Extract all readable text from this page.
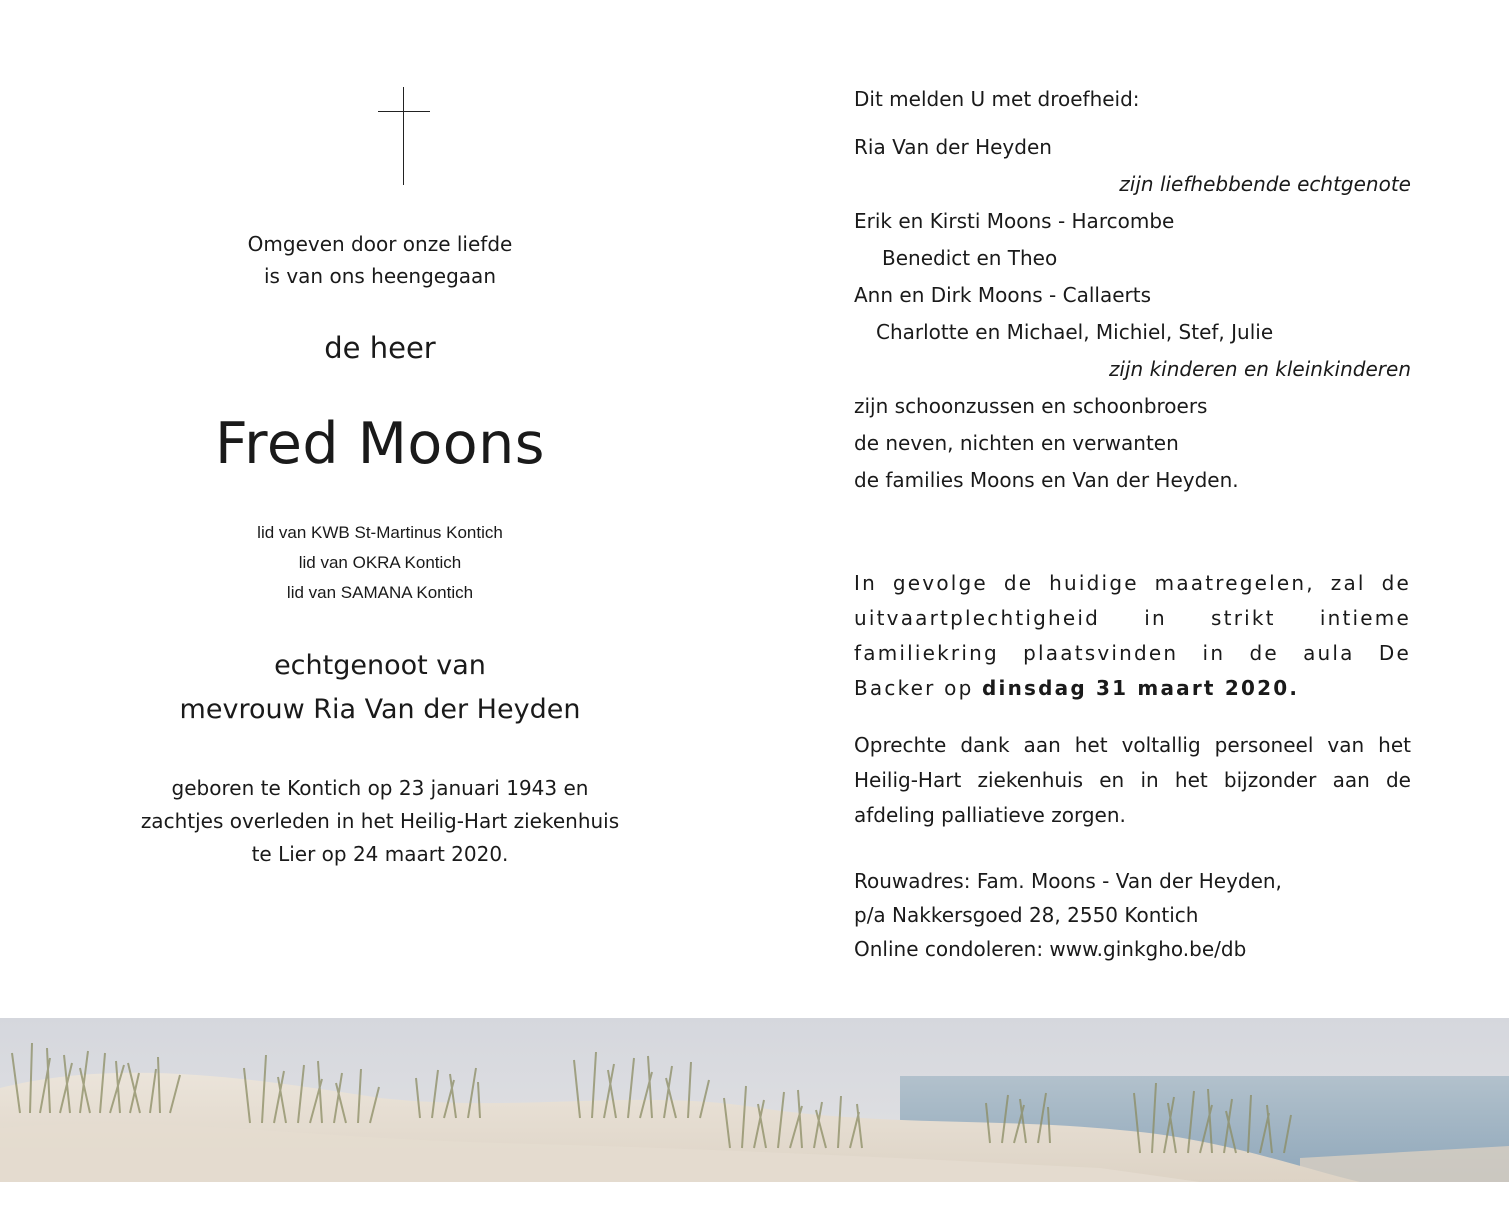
Omgeven door onze liefde
is van ons heengegaan
de heer
Fred Moons
lid van KWB St-Martinus Kontich
lid van OKRA Kontich
lid van SAMANA Kontich
echtgenoot van
mevrouw Ria Van der Heyden
geboren te Kontich op 23 januari 1943 en
zachtjes overleden in het Heilig-Hart ziekenhuis
te Lier op 24 maart 2020.
Dit melden U met droefheid:
Ria Van der Heyden
zijn liefhebbende echtgenote
Erik en Kirsti Moons - Harcombe
Benedict en Theo
Ann en Dirk Moons - Callaerts
Charlotte en Michael, Michiel, Stef, Julie
zijn kinderen en kleinkinderen
zijn schoonzussen en schoonbroers
de neven, nichten en verwanten
de families Moons en Van der Heyden.
In gevolge de huidige maatregelen, zal de uitvaartplechtigheid in strikt intieme familiekring plaatsvinden in de aula De Backer op dinsdag 31 maart 2020.
Oprechte dank aan het voltallig personeel van het Heilig-Hart ziekenhuis en in het bijzonder aan de afdeling palliatieve zorgen.
Rouwadres: Fam. Moons - Van der Heyden,
p/a Nakkersgoed 28, 2550 Kontich
Online condoleren: www.ginkgho.be/db
